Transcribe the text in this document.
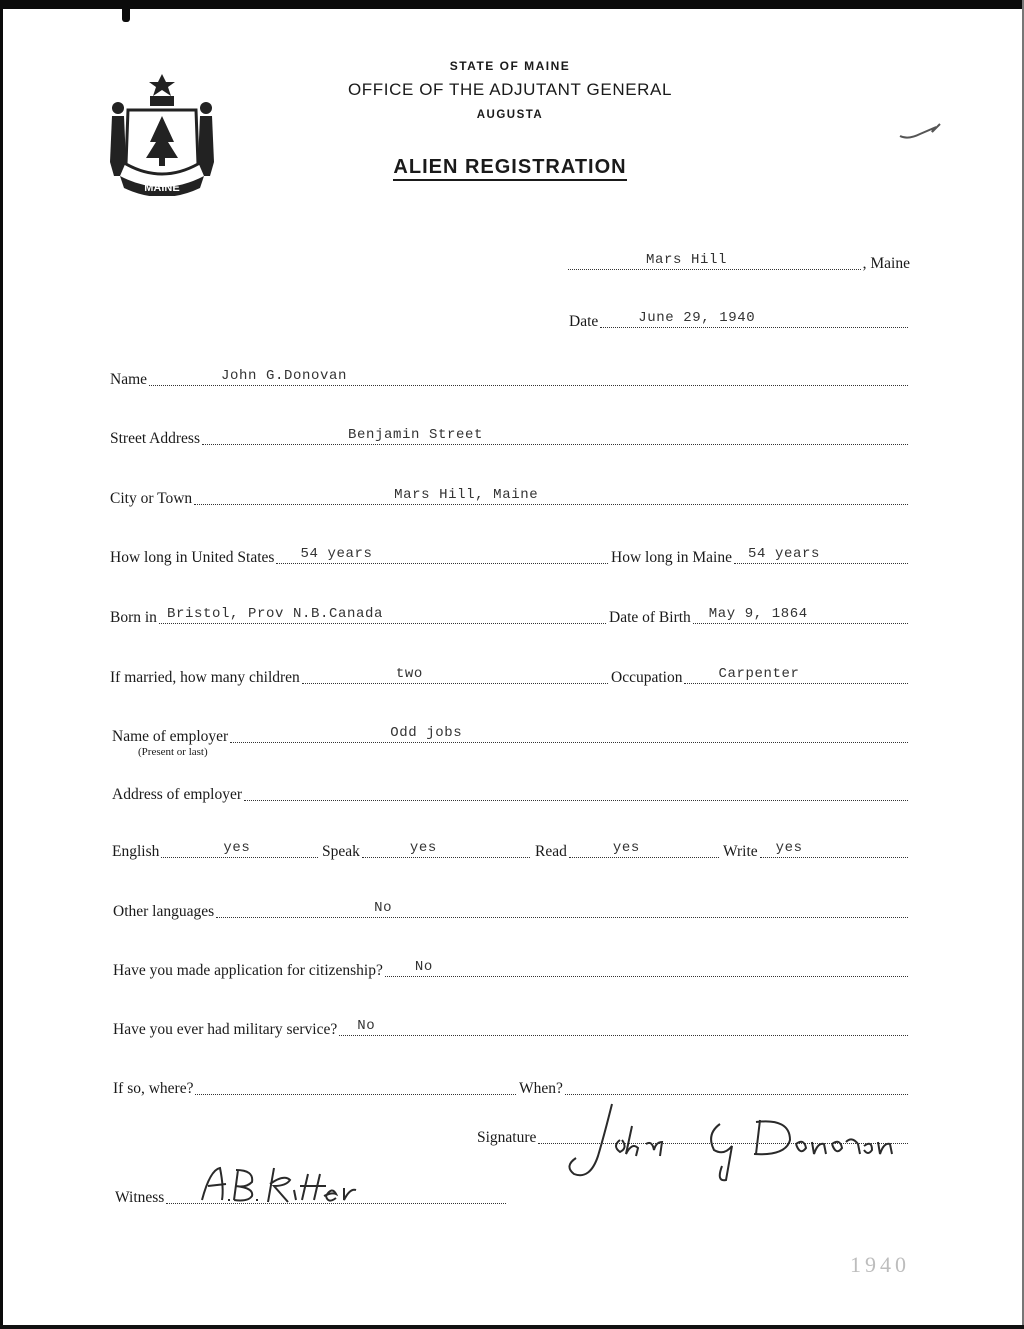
MAINE
STATE OF MAINE
OFFICE OF THE ADJUTANT GENERAL
AUGUSTA
ALIEN REGISTRATION
Mars Hill	, Maine
Date	June 29, 1940
Name	John G.Donovan
Street Address	Benjamin Street
City or Town	Mars Hill, Maine
How long in United States 54 years	How long in Maine 54 years
Born in Bristol, Prov N.B.Canada	Date of Birth May 9, 1864
If married, how many children	two	Occupation	Carpenter
Name of employer	Odd jobs
(Present or last)
Address of employer
English	yes	Speak	yes	Read	yes	Write yes
Other languages	No
Have you made application for citizenship? No
Have you ever had military service? No
If so, where?	When?
Signature
Witness
1940
